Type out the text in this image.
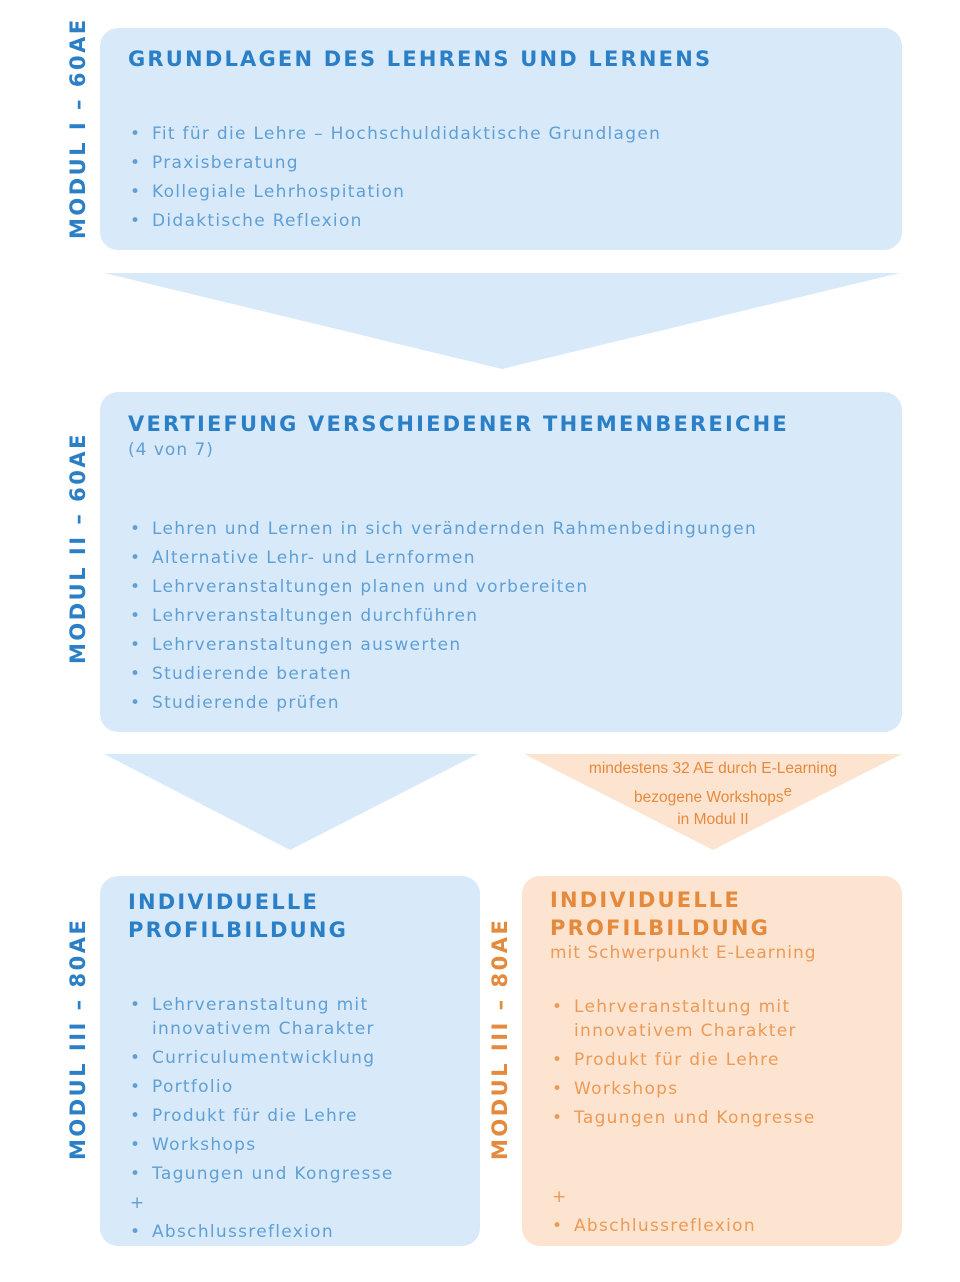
MODUL I – 60AE GRUNDLAGEN DES LEHRENS UND LERNENS
• Fit für die Lehre – Hochschuldidaktische Grundlagen
• Praxisberatung
• Kollegiale Lehrhospitation
• Didaktische Reflexion
MODUL II – 60AE
VERTIEFUNG VERSCHIEDENER THEMENBEREICHE
(4 von 7)
• Lehren und Lernen in sich verändernden Rahmenbedingungen
• Alternative Lehr- und Lernformen
• Lehrveranstaltungen planen und vorbereiten
• Lehrveranstaltungen durchführen
• Lehrveranstaltungen auswerten
• Studierende beraten
• Studierende prüfen
mindestens 32 AE durch E-Learning
bezogene Workshops$^e$
in Modul II
MODUL III – 80AE
INDIVIDUELLE
PROFILBILDUNG
• Lehrveranstaltung mit innovativem Charakter
• Curriculumentwicklung
• Portfolio
• Produkt für die Lehre
• Workshops
• Tagungen und Kongresse
+
• Abschlussreflexion
MODUL III – 80AE
INDIVIDUELLE
PROFILBILDUNG
mit Schwerpunkt E-Learning
• Lehrveranstaltung mit innovativem Charakter
• Produkt für die Lehre
• Workshops
• Tagungen und Kongresse
+
• Abschlussreflexion
